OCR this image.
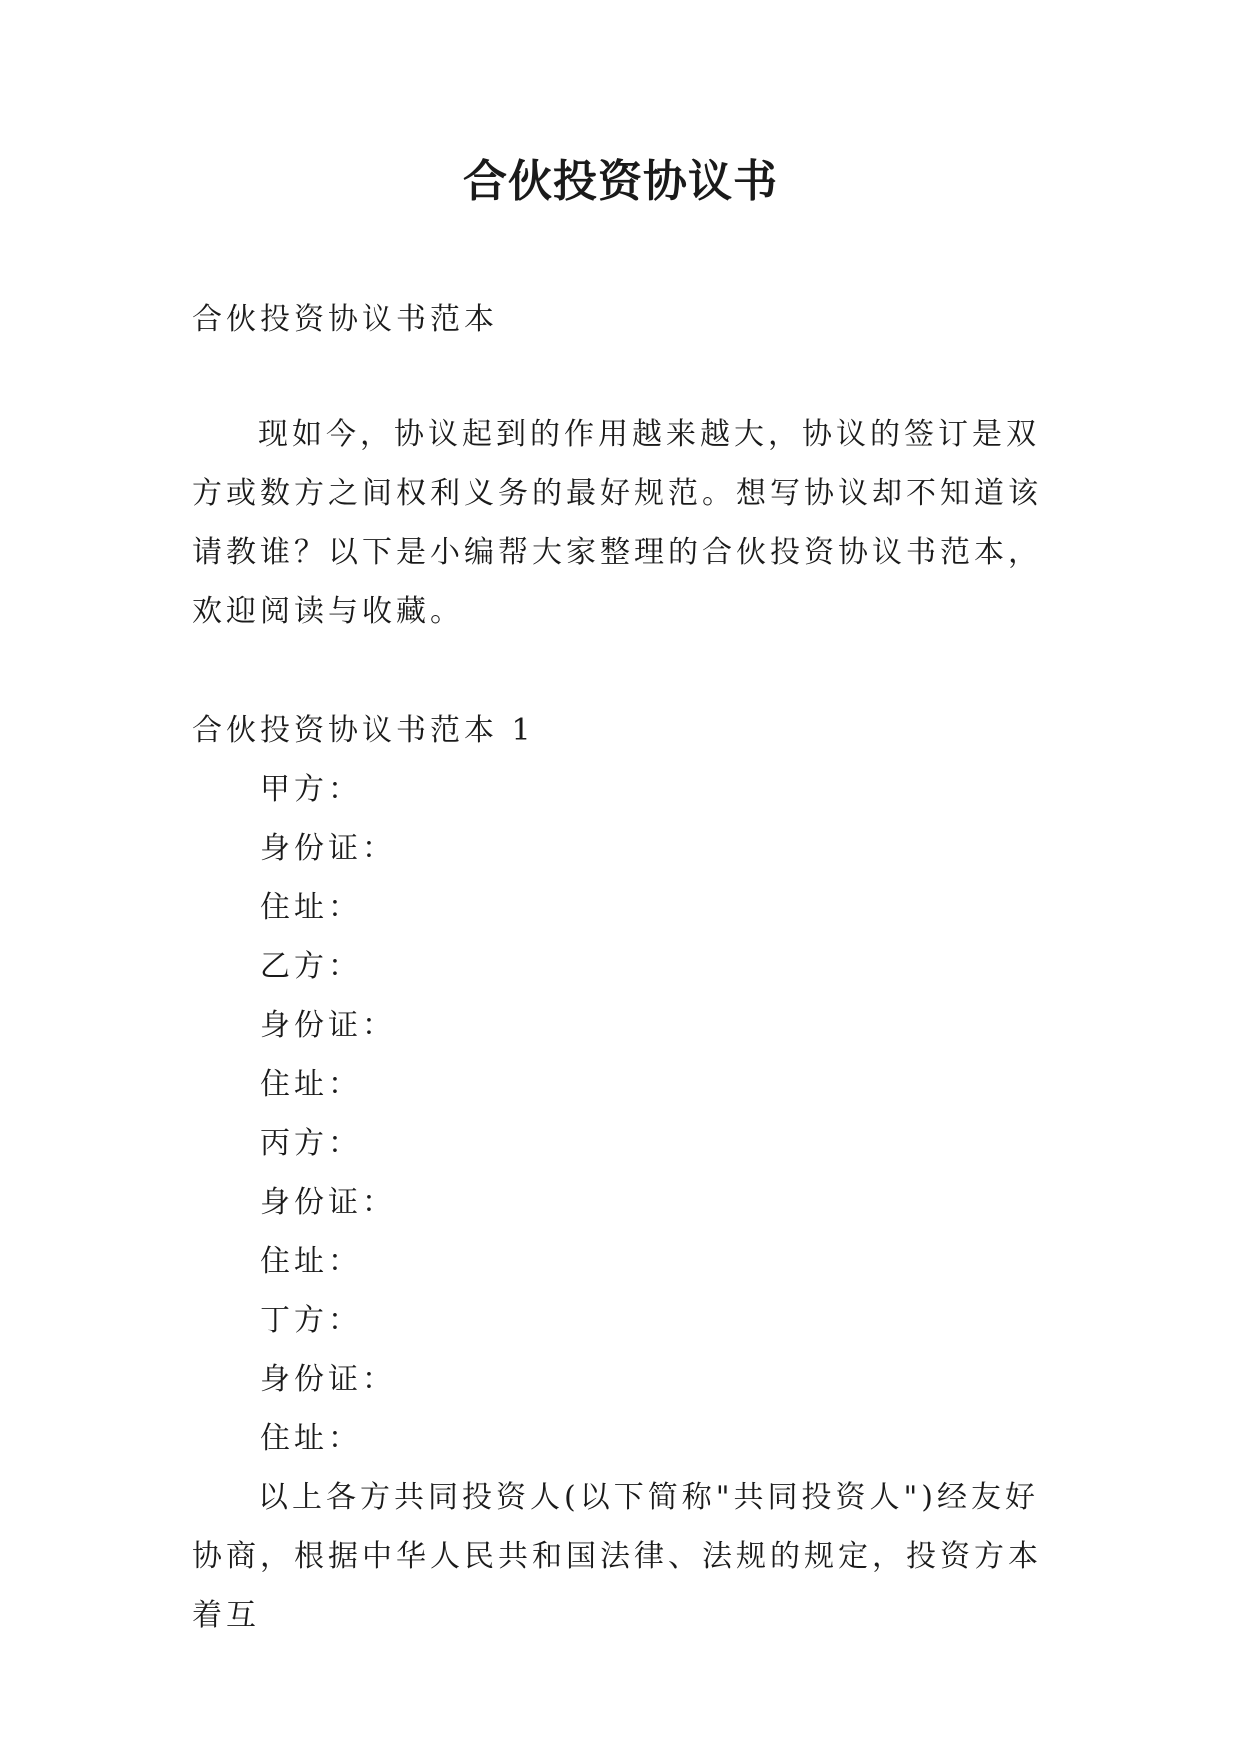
合伙投资协议书

合伙投资协议书范本

现如今，协议起到的作用越来越大，协议的签订是双方或数方之间权利义务的最好规范。想写协议却不知道该请教谁？以下是小编帮大家整理的合伙投资协议书范本，欢迎阅读与收藏。

合伙投资协议书范本 1

甲方：

身份证：

住址：

乙方：

身份证：

住址：

丙方：

身份证：

住址：

丁方：

身份证：

住址：

以上各方共同投资人(以下简称"共同投资人")经友好协商，根据中华人民共和国法律、法规的规定，投资方本着互
